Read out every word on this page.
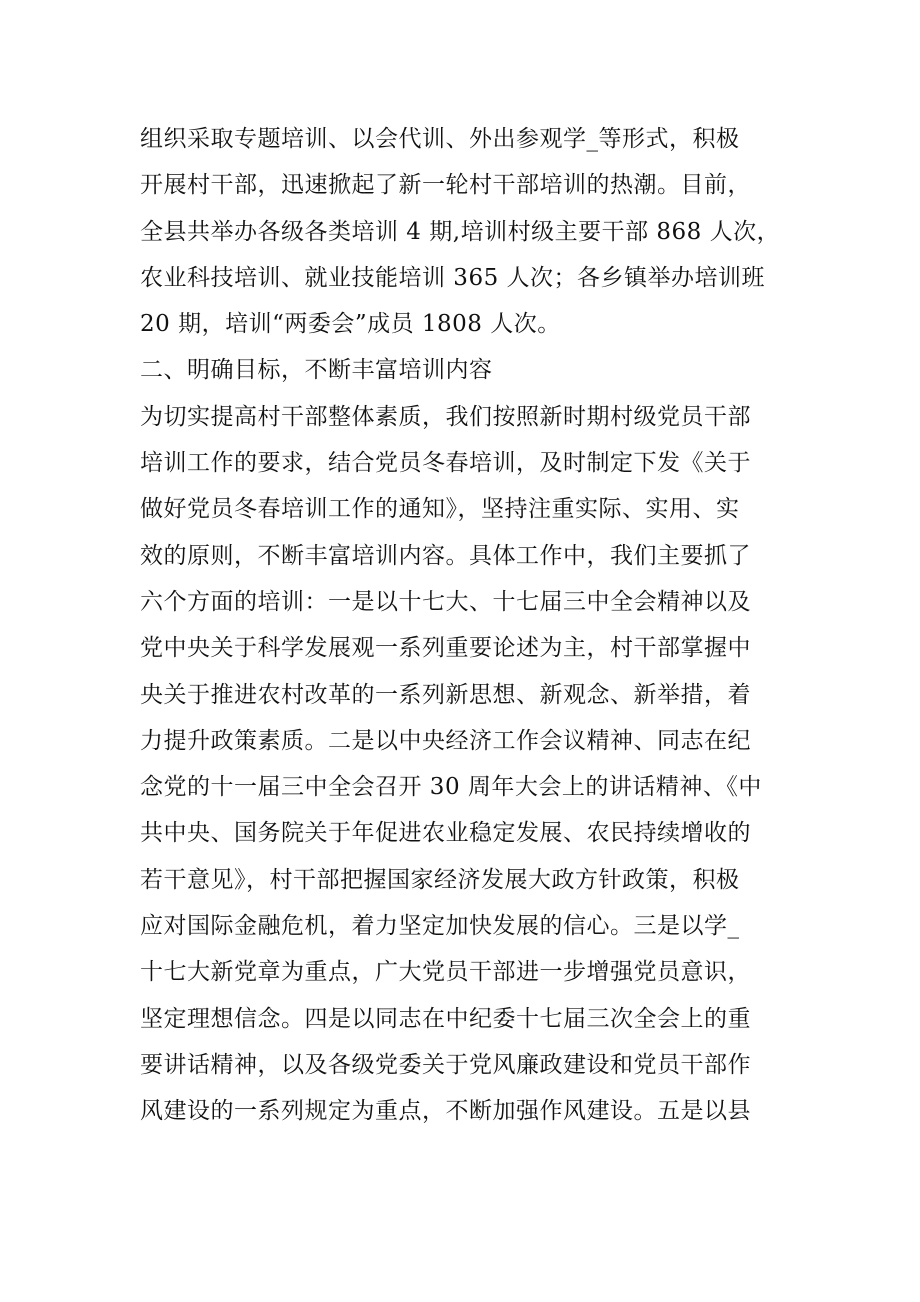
组织采取专题培训、以会代训、外出参观学_等形式，积极
开展村干部，迅速掀起了新一轮村干部培训的热潮。目前，
全县共举办各级各类培训 4 期,培训村级主要干部 868 人次，
农业科技培训、就业技能培训 365 人次；各乡镇举办培训班
20 期，培训“两委会”成员 1808 人次。
二、明确目标，不断丰富培训内容
为切实提高村干部整体素质，我们按照新时期村级党员干部
培训工作的要求，结合党员冬春培训，及时制定下发《关于
做好党员冬春培训工作的通知》，坚持注重实际、实用、实
效的原则，不断丰富培训内容。具体工作中，我们主要抓了
六个方面的培训：一是以十七大、十七届三中全会精神以及
党中央关于科学发展观一系列重要论述为主，村干部掌握中
央关于推进农村改革的一系列新思想、新观念、新举措，着
力提升政策素质。二是以中央经济工作会议精神、同志在纪
念党的十一届三中全会召开 30 周年大会上的讲话精神、《中
共中央、国务院关于年促进农业稳定发展、农民持续增收的
若干意见》，村干部把握国家经济发展大政方针政策，积极
应对国际金融危机，着力坚定加快发展的信心。三是以学_
十七大新党章为重点，广大党员干部进一步增强党员意识，
坚定理想信念。四是以同志在中纪委十七届三次全会上的重
要讲话精神，以及各级党委关于党风廉政建设和党员干部作
风建设的一系列规定为重点，不断加强作风建设。五是以县
